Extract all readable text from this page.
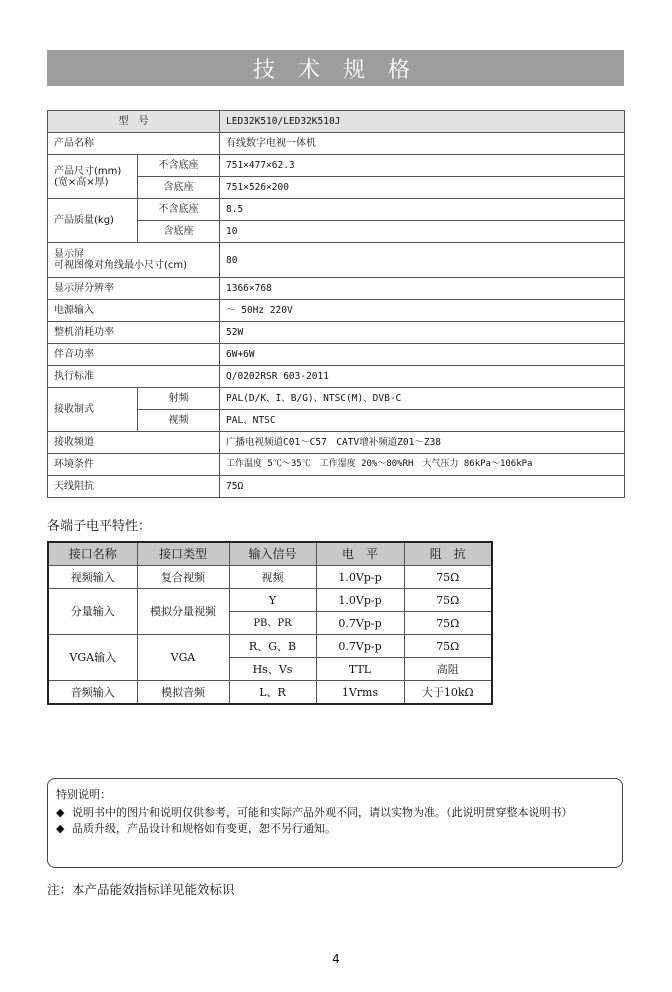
技 术 规 格
型　号		LED32K510/LED32K510J
产品名称		有线数字电视一体机
产品尺寸(mm)
(宽×高×厚)	不含底座	751×477×62.3
	含底座	751×526×200
产品质量(kg)	不含底座	8.5
	含底座	10
显示屏
可视图像对角线最小尺寸(cm)		80
显示屏分辨率		1366×768
电源输入		～ 50Hz 220V
整机消耗功率		52W
伴音功率		6W+6W
执行标准		Q/0202RSR 603-2011
接收制式	射频	PAL(D/K、I、B/G)、NTSC(M)、DVB-C
	视频	PAL、NTSC
接收频道		广播电视频道C01～C57　CATV增补频道Z01～Z38
环境条件		工作温度 5℃～35℃　工作湿度 20%～80%RH　大气压力 86kPa～106kPa
天线阻抗		75Ω
各端子电平特性：
接口名称	接口类型	输入信号	电　平	阻　抗
视频输入	复合视频	视频	1.0Vp-p	75Ω
分量输入	模拟分量视频	Y	1.0Vp-p	75Ω
		PB、PR	0.7Vp-p	75Ω
VGA输入	VGA	R、G、B	0.7Vp-p	75Ω
		Hs、Vs	TTL	高阻
音频输入	模拟音频	L、R	1Vrms	大于10kΩ
特别说明：
◆ 说明书中的图片和说明仅供参考，可能和实际产品外观不同，请以实物为准。（此说明贯穿整本说明书）
◆ 品质升级，产品设计和规格如有变更，恕不另行通知。
注：本产品能效指标详见能效标识
4
